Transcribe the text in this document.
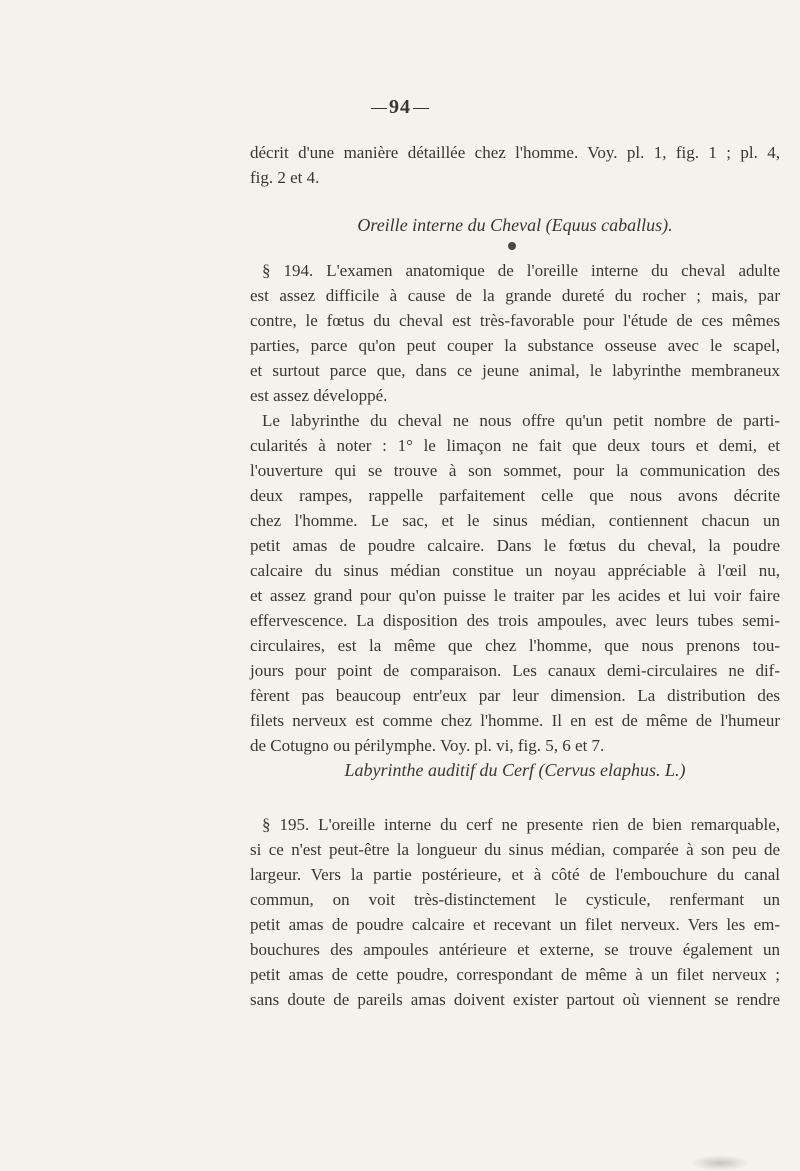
94
décrit d'une manière détaillée chez l'homme. Voy. pl. 1, fig. 1 ; pl. 4,
fig. 2 et 4.
Oreille interne du Cheval (Equus caballus).
§ 194. L'examen anatomique de l'oreille interne du cheval adulte
est assez difficile à cause de la grande dureté du rocher ; mais, par
contre, le fœtus du cheval est très-favorable pour l'étude de ces mêmes
parties, parce qu'on peut couper la substance osseuse avec le scapel,
et surtout parce que, dans ce jeune animal, le labyrinthe membraneux
est assez développé.
Le labyrinthe du cheval ne nous offre qu'un petit nombre de parti-
cularités à noter : 1° le limaçon ne fait que deux tours et demi, et
l'ouverture qui se trouve à son sommet, pour la communication des
deux rampes, rappelle parfaitement celle que nous avons décrite
chez l'homme. Le sac, et le sinus médian, contiennent chacun un
petit amas de poudre calcaire. Dans le fœtus du cheval, la poudre
calcaire du sinus médian constitue un noyau appréciable à l'œil nu,
et assez grand pour qu'on puisse le traiter par les acides et lui voir faire
effervescence. La disposition des trois ampoules, avec leurs tubes semi-
circulaires, est la même que chez l'homme, que nous prenons tou-
jours pour point de comparaison. Les canaux demi-circulaires ne dif-
fèrent pas beaucoup entr'eux par leur dimension. La distribution des
filets nerveux est comme chez l'homme. Il en est de même de l'humeur
de Cotugno ou périlymphe. Voy. pl. vi, fig. 5, 6 et 7.
Labyrinthe auditif du Cerf (Cervus elaphus. L.)
§ 195. L'oreille interne du cerf ne presente rien de bien remarquable,
si ce n'est peut-être la longueur du sinus médian, comparée à son peu de
largeur. Vers la partie postérieure, et à côté de l'embouchure du canal
commun, on voit très-distinctement le cysticule, renfermant un
petit amas de poudre calcaire et recevant un filet nerveux. Vers les em-
bouchures des ampoules antérieure et externe, se trouve également un
petit amas de cette poudre, correspondant de même à un filet nerveux ;
sans doute de pareils amas doivent exister partout où viennent se rendre
